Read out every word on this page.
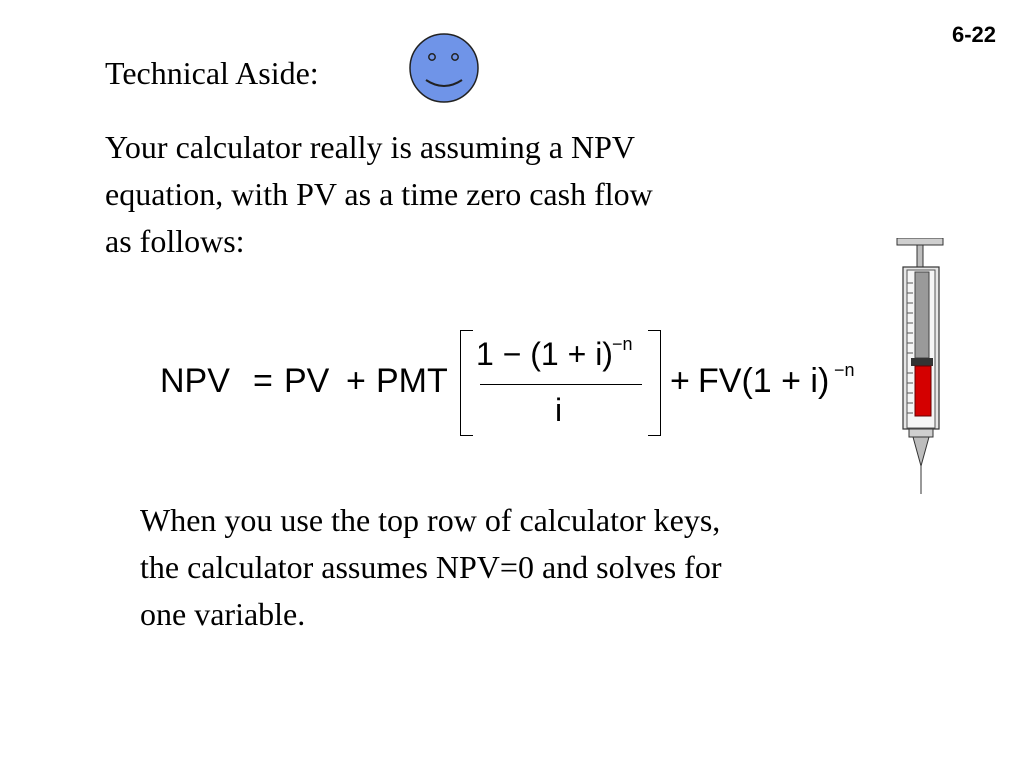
6-22
Technical Aside:
Your calculator really is assuming a NPV
equation, with PV as a time zero cash flow
as follows:
NPV = PV + PMT
1 − (1 + i) −n
i
+ FV(1 + i) −n
When you use the top row of calculator keys,
the calculator assumes NPV=0 and solves for
one variable.
